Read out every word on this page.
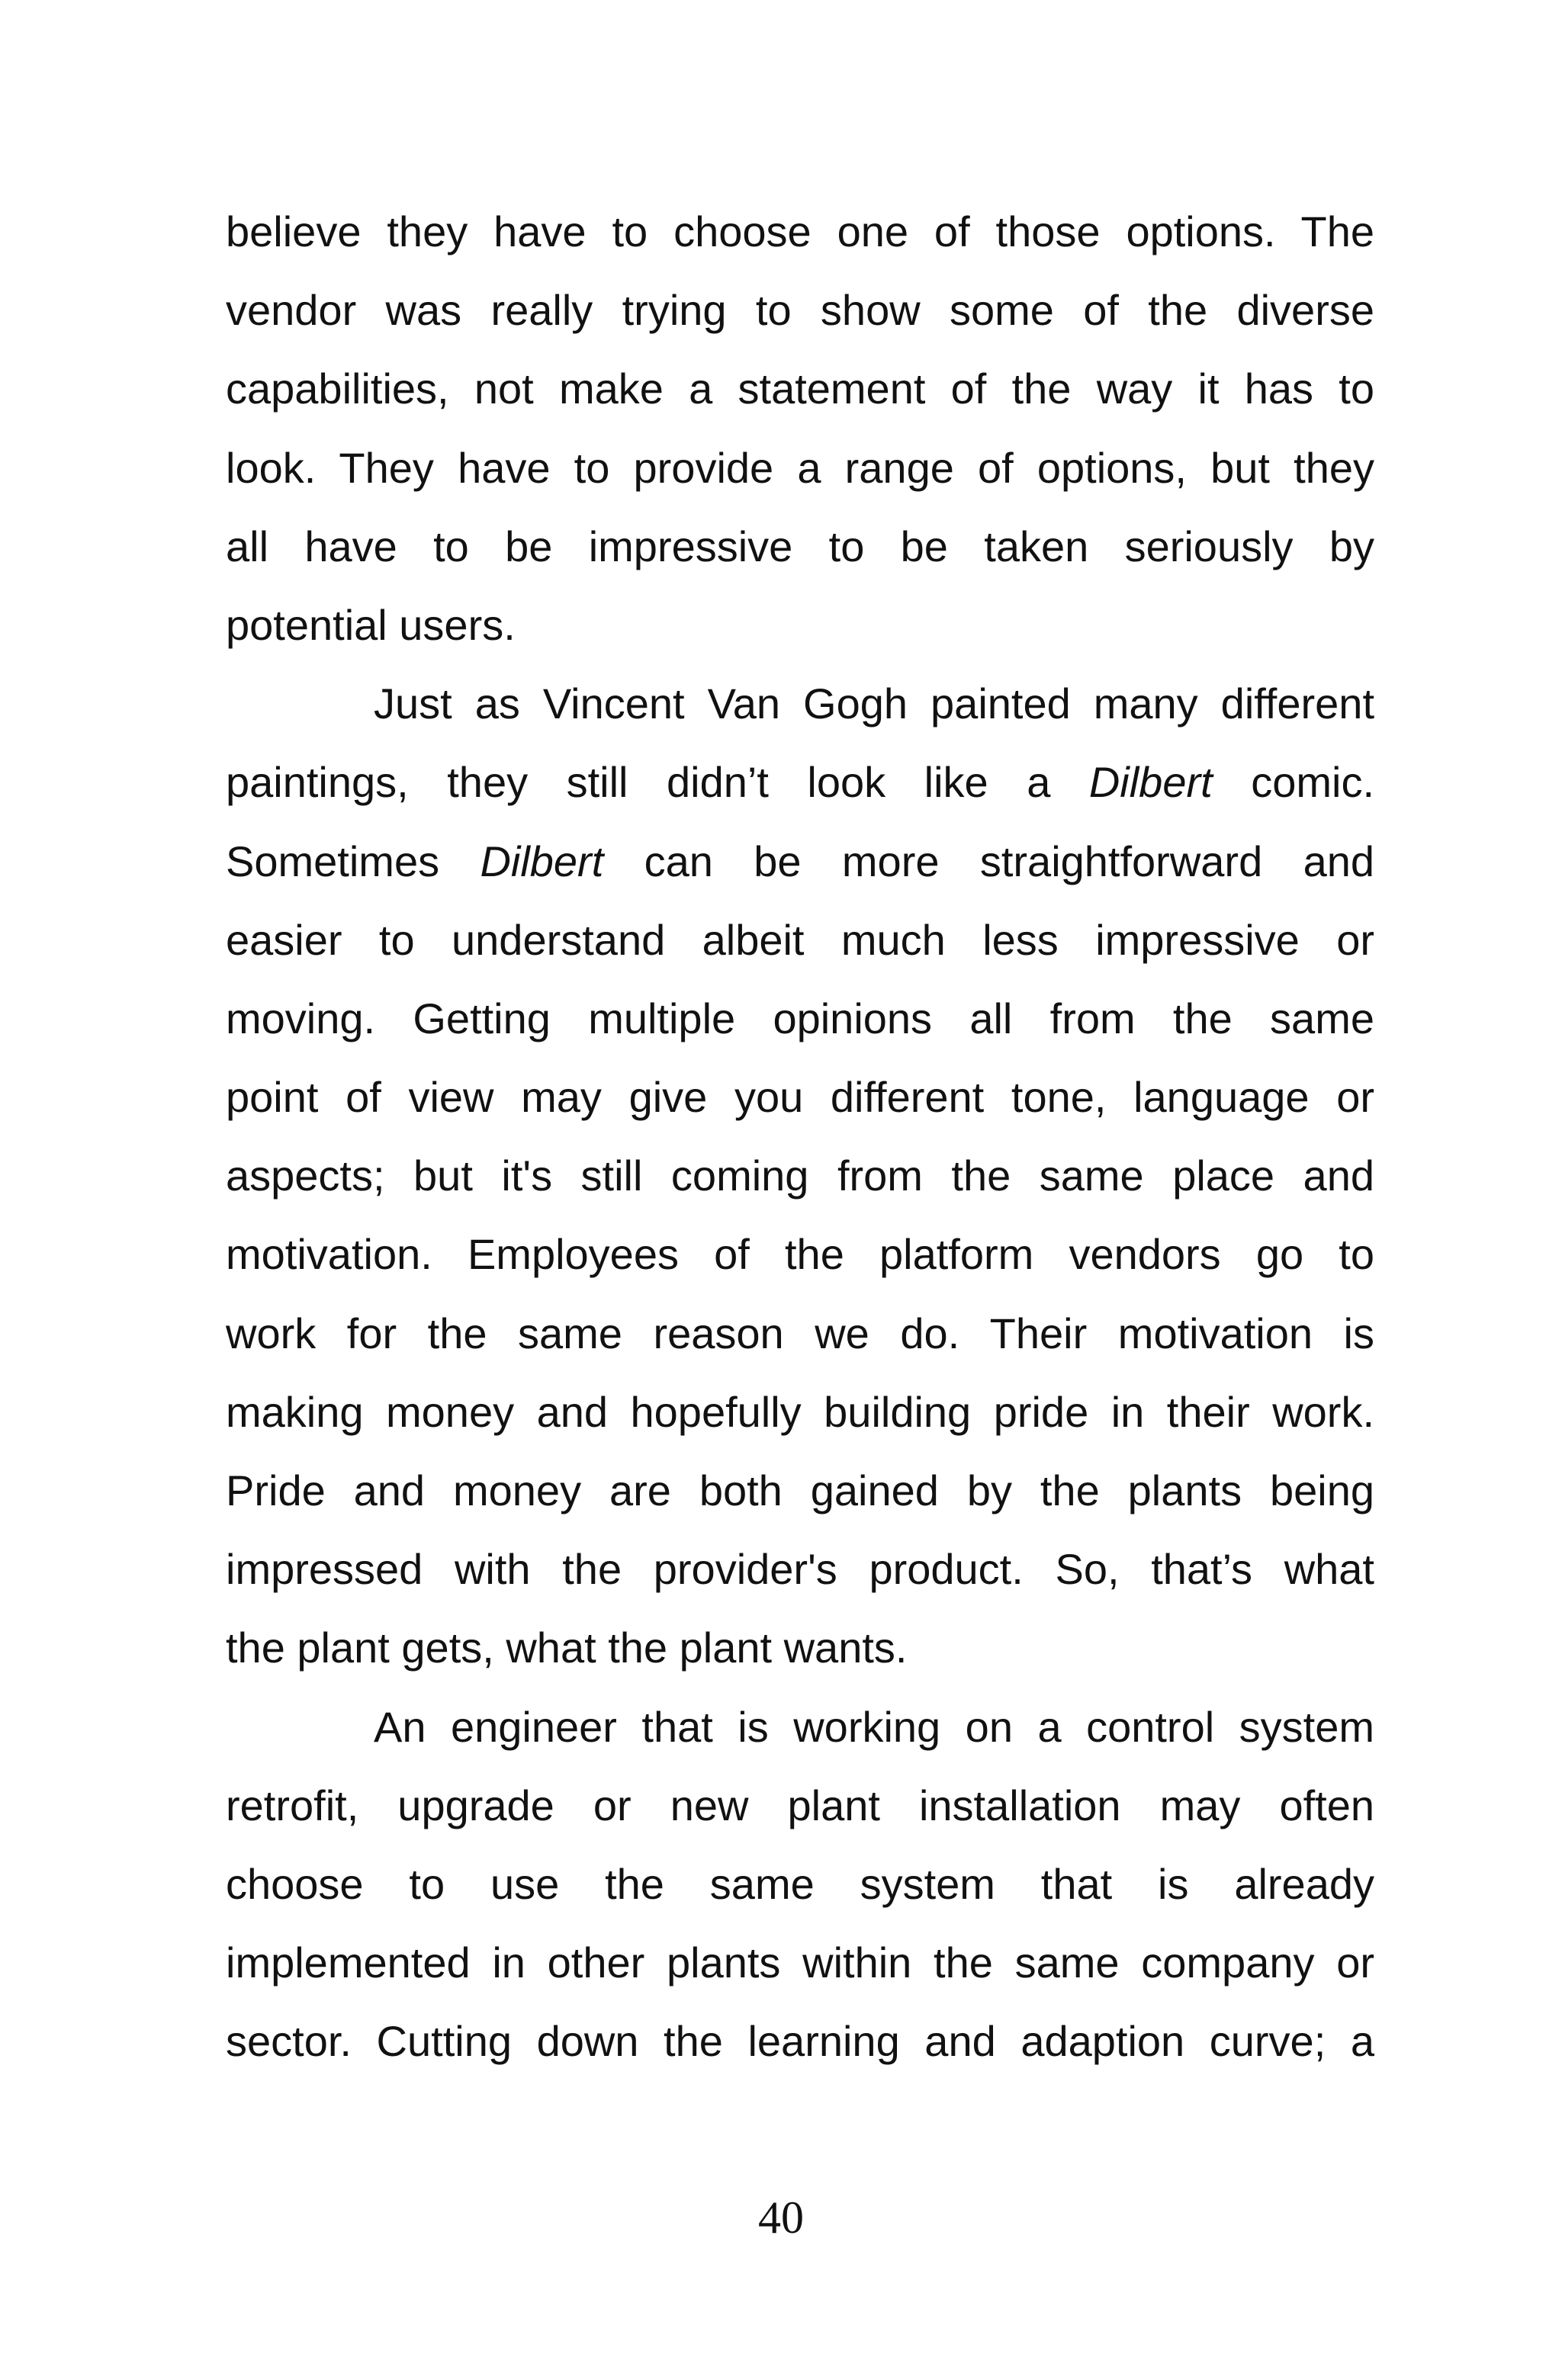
believe they have to choose one of those options. The
vendor was really trying to show some of the diverse
capabilities, not make a statement of the way it has to
look. They have to provide a range of options, but they
all have to be impressive to be taken seriously by
potential users.

Just as Vincent Van Gogh painted many different
paintings, they still didn’t look like a Dilbert comic.
Sometimes Dilbert can be more straightforward and
easier to understand albeit much less impressive or
moving. Getting multiple opinions all from the same
point of view may give you different tone, language or
aspects; but it's still coming from the same place and
motivation. Employees of the platform vendors go to
work for the same reason we do. Their motivation is
making money and hopefully building pride in their work.
Pride and money are both gained by the plants being
impressed with the provider's product. So, that’s what
the plant gets, what the plant wants.

An engineer that is working on a control system
retrofit, upgrade or new plant installation may often
choose to use the same system that is already
implemented in other plants within the same company or
sector. Cutting down the learning and adaption curve; a

40
